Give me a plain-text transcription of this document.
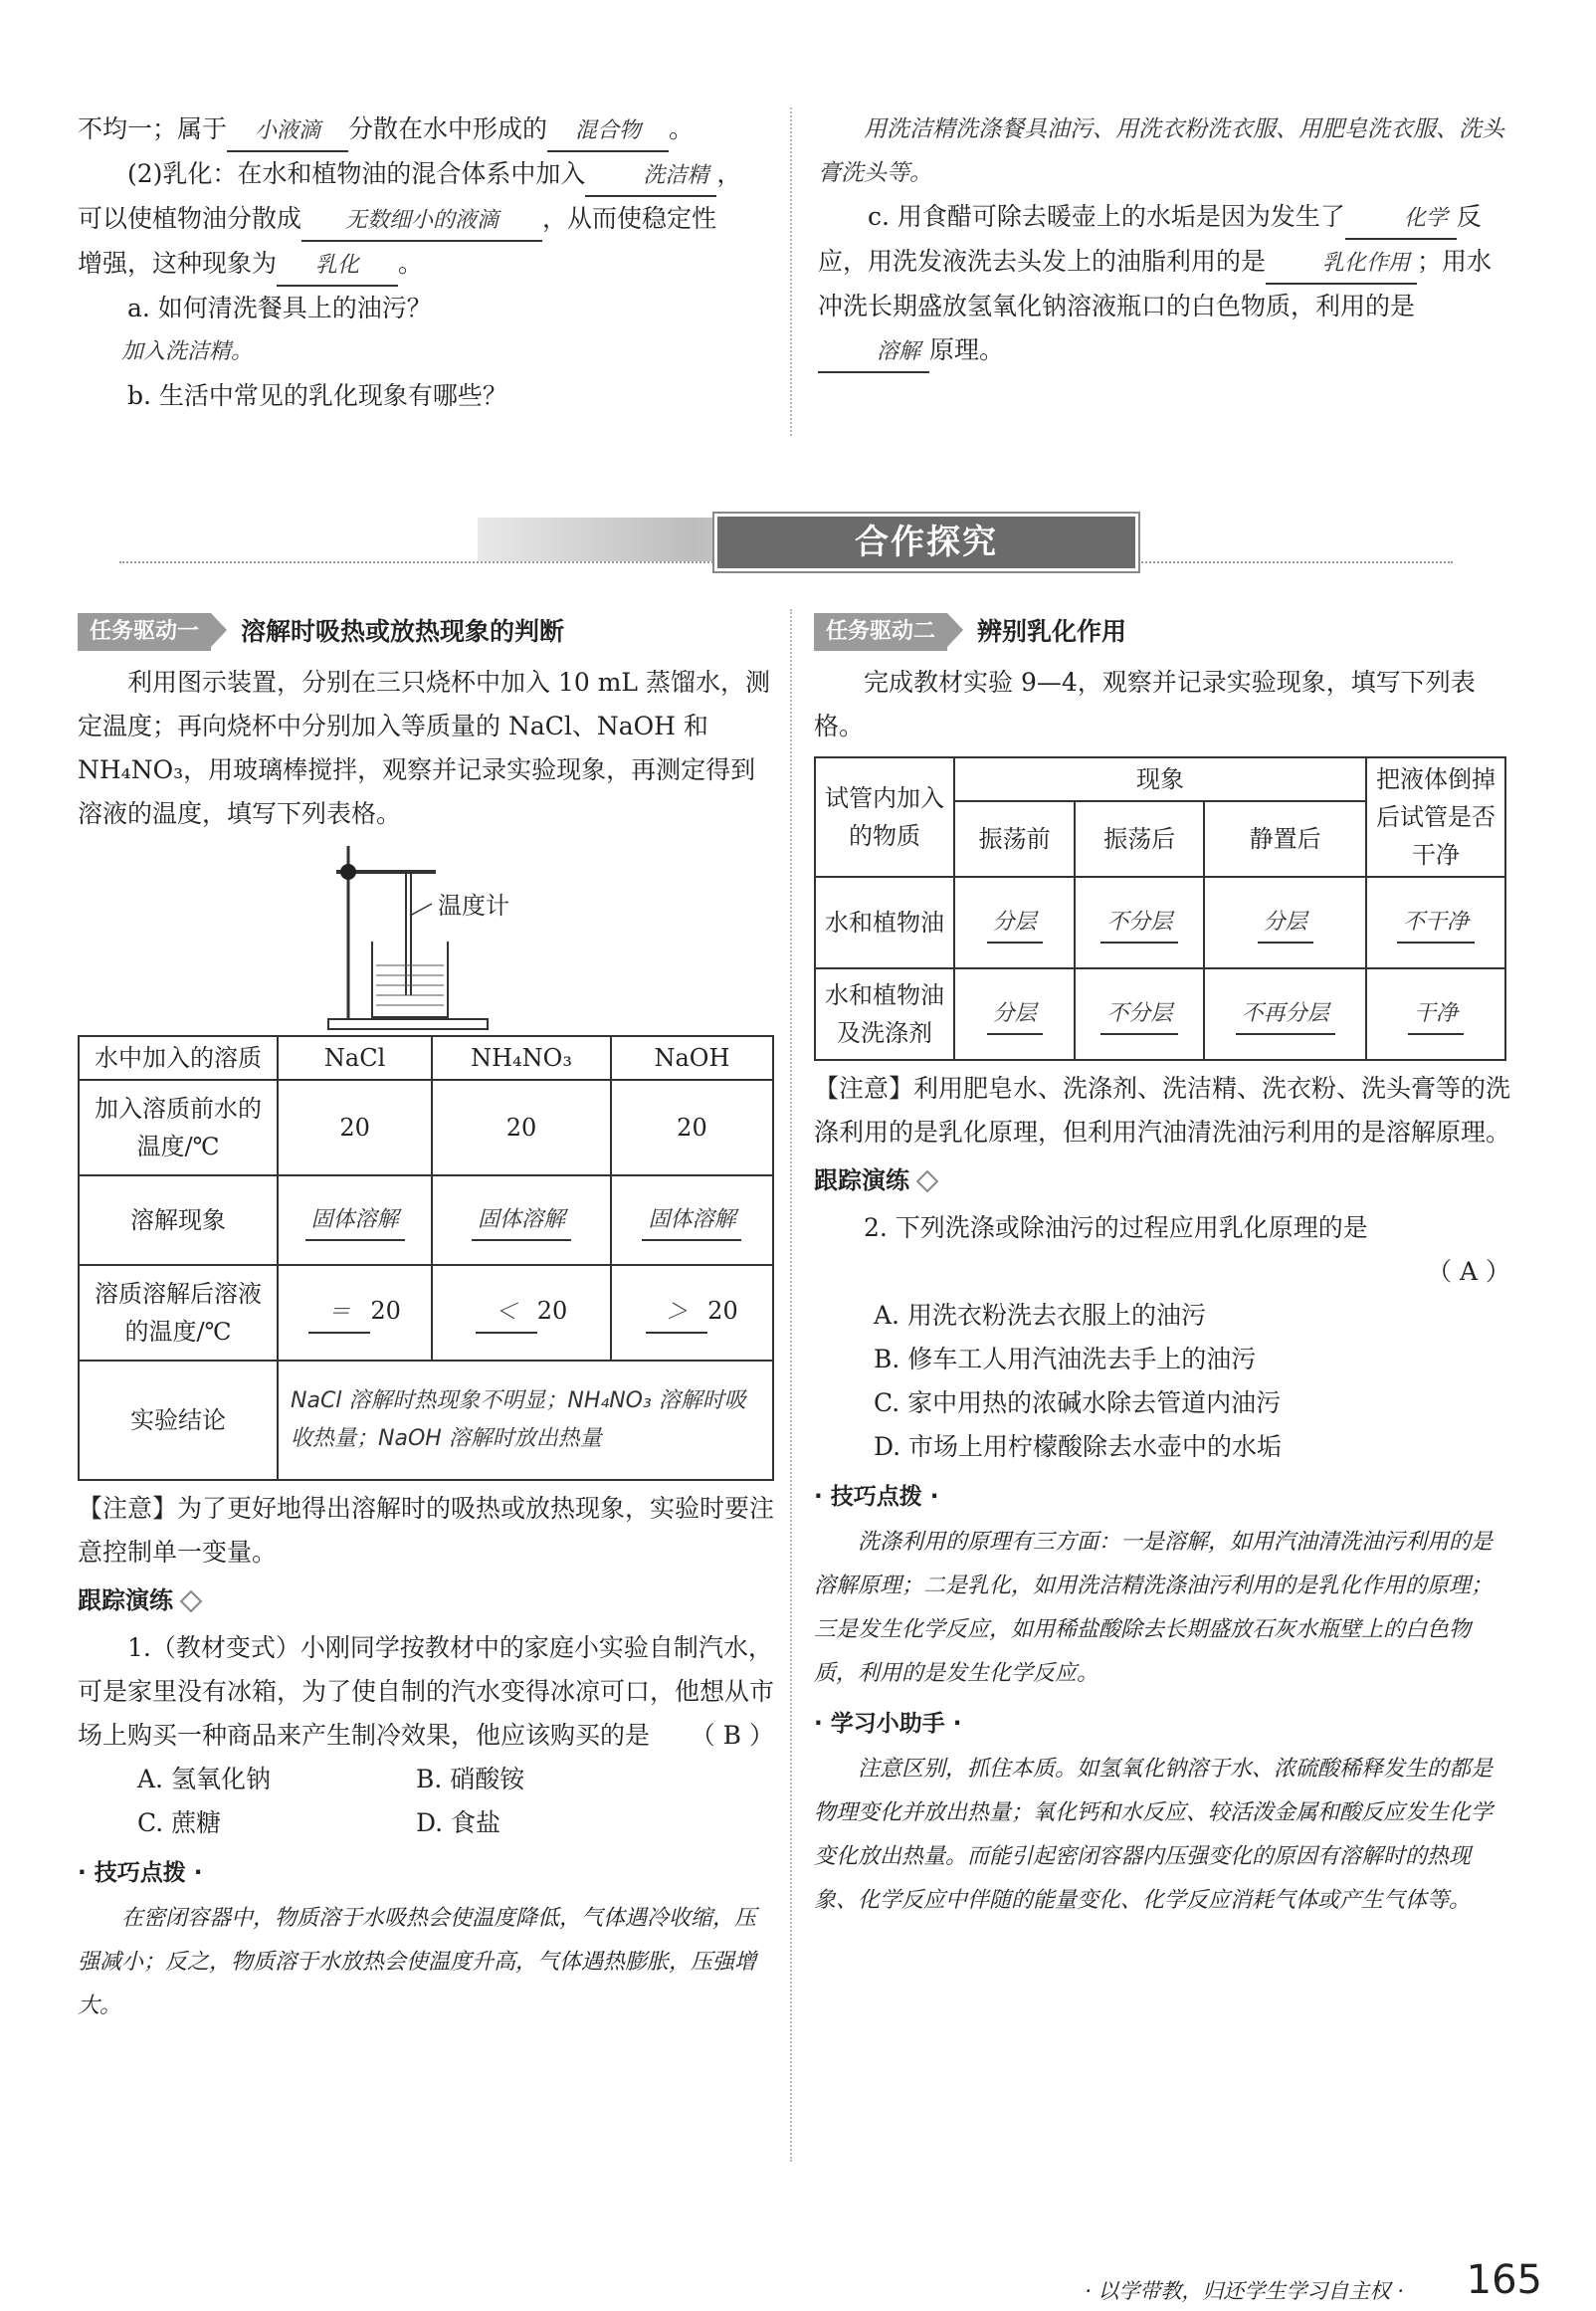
不均一；属于 小液滴 分散在水中形成的 混合物 。

(2)乳化：在水和植物油的混合体系中加入	洗洁精 ，

可以使植物油分散成 无数细小的液滴 ，从而使稳定性

增强，这种现象为 乳化 。

a. 如何清洗餐具上的油污？

加入洗洁精。

b. 生活中常见的乳化现象有哪些？

用洗洁精洗涤餐具油污、用洗衣粉洗衣服、用肥皂洗衣服、洗头膏洗头等。

c. 用食醋可除去暖壶上的水垢是因为发生了	化学 反应，用洗发液洗去头发上的油脂利用的是	乳化作用 ；用水冲洗长期盛放氢氧化钠溶液瓶口的白色物质，利用的是溶解 原理。

合作探究
任务驱动一	溶解时吸热或放热现象的判断

利用图示装置，分别在三只烧杯中加入 10 mL 蒸馏水，测定温度；再向烧杯中分别加入等质量的 NaCl、NaOH 和 NH₄NO₃，用玻璃棒搅拌，观察并记录实验现象，再测定得到溶液的温度，填写下列表格。

温度计
水中加入的溶质	NaCl	NH₄NO₃	NaOH
加入溶质前水的温度/℃	20	20	20
溶解现象	固体溶解	固体溶解	固体溶解
溶质溶解后溶液的温度/℃	＝ 20	＜ 20	＞ 20
实验结论	NaCl 溶解时热现象不明显；NH₄NO₃ 溶解时吸收热量；NaOH 溶解时放出热量		

【注意】为了更好地得出溶解时的吸热或放热现象，实验时要注意控制单一变量。

跟踪演练

1.（教材变式）小刚同学按教材中的家庭小实验自制汽水，可是家里没有冰箱，为了使自制的汽水变得冰凉可口，他想从市场上购买一种商品来产生制冷效果，他应该购买的是	（ B ）

A. 氢氧化钠	B. 硝酸铵
C. 蔗糖	D. 食盐
· 技巧点拨 ·

在密闭容器中，物质溶于水吸热会使温度降低，气体遇冷收缩，压强减小；反之，物质溶于水放热会使温度升高，气体遇热膨胀，压强增大。

任务驱动二	辨别乳化作用

完成教材实验 9—4，观察并记录实验现象，填写下列表格。

试管内加入的物质	现象			把液体倒掉后试管是否干净
	振荡前	振荡后	静置后	
水和植物油	分层	不分层	分层	不干净
水和植物油及洗涤剂	分层	不分层	不再分层	干净

【注意】利用肥皂水、洗涤剂、洗洁精、洗衣粉、洗头膏等的洗涤利用的是乳化原理，但利用汽油清洗油污利用的是溶解原理。

跟踪演练

2. 下列洗涤或除油污的过程应用乳化原理的是

（ A ）

A. 用洗衣粉洗去衣服上的油污

B. 修车工人用汽油洗去手上的油污

C. 家中用热的浓碱水除去管道内油污

D. 市场上用柠檬酸除去水壶中的水垢

· 技巧点拨 ·

洗涤利用的原理有三方面：一是溶解，如用汽油清洗油污利用的是溶解原理；二是乳化，如用洗洁精洗涤油污利用的是乳化作用的原理；三是发生化学反应，如用稀盐酸除去长期盛放石灰水瓶壁上的白色物质，利用的是发生化学反应。

· 学习小助手 ·

注意区别，抓住本质。如氢氧化钠溶于水、浓硫酸稀释发生的都是物理变化并放出热量；氧化钙和水反应、较活泼金属和酸反应发生化学变化放出热量。而能引起密闭容器内压强变化的原因有溶解时的热现象、化学反应中伴随的能量变化、化学反应消耗气体或产生气体等。

· 以学带教，归还学生学习自主权 · 165
